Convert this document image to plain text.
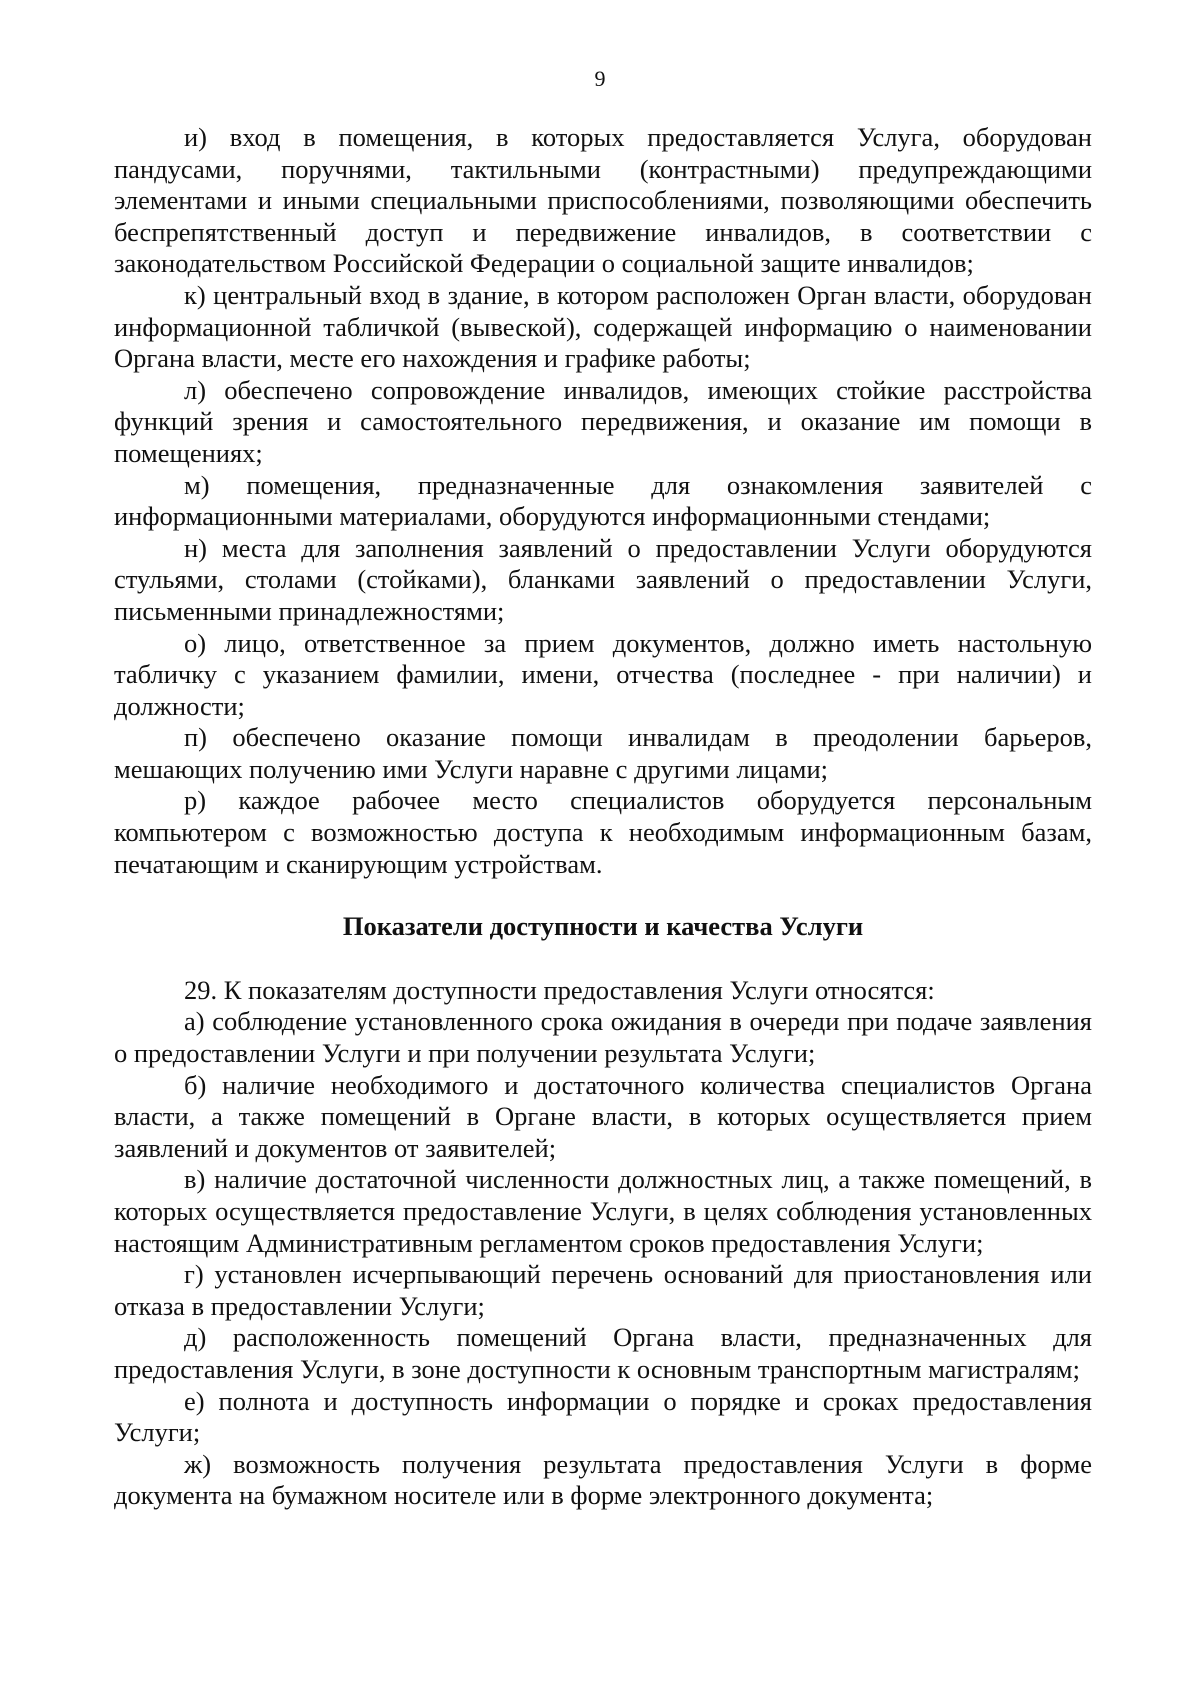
9

и) вход в помещения, в которых предоставляется Услуга, оборудован пандусами, поручнями, тактильными (контрастными) предупреждающими элементами и иными специальными приспособлениями, позволяющими обеспечить беспрепятственный доступ и передвижение инвалидов, в соответствии с законодательством Российской Федерации о социальной защите инвалидов;

к) центральный вход в здание, в котором расположен Орган власти, оборудован информационной табличкой (вывеской), содержащей информацию о наименовании Органа власти, месте его нахождения и графике работы;

л) обеспечено сопровождение инвалидов, имеющих стойкие расстройства функций зрения и самостоятельного передвижения, и оказание им помощи в помещениях;

м) помещения, предназначенные для ознакомления заявителей с информационными материалами, оборудуются информационными стендами;

н) места для заполнения заявлений о предоставлении Услуги оборудуются стульями, столами (стойками), бланками заявлений о предоставлении Услуги, письменными принадлежностями;

о) лицо, ответственное за прием документов, должно иметь настольную табличку с указанием фамилии, имени, отчества (последнее - при наличии) и должности;

п) обеспечено оказание помощи инвалидам в преодолении барьеров, мешающих получению ими Услуги наравне с другими лицами;

р) каждое рабочее место специалистов оборудуется персональным компьютером с возможностью доступа к необходимым информационным базам, печатающим и сканирующим устройствам.

Показатели доступности и качества Услуги

29. К показателям доступности предоставления Услуги относятся:

а) соблюдение установленного срока ожидания в очереди при подаче заявления о предоставлении Услуги и при получении результата Услуги;

б) наличие необходимого и достаточного количества специалистов Органа власти, а также помещений в Органе власти, в которых осуществляется прием заявлений и документов от заявителей;

в) наличие достаточной численности должностных лиц, а также помещений, в которых осуществляется предоставление Услуги, в целях соблюдения установленных настоящим Административным регламентом сроков предоставления Услуги;

г) установлен исчерпывающий перечень оснований для приостановления или отказа в предоставлении Услуги;

д) расположенность помещений Органа власти, предназначенных для предоставления Услуги, в зоне доступности к основным транспортным магистралям;

е) полнота и доступность информации о порядке и сроках предоставления Услуги;

ж) возможность получения результата предоставления Услуги в форме документа на бумажном носителе или в форме электронного документа;
